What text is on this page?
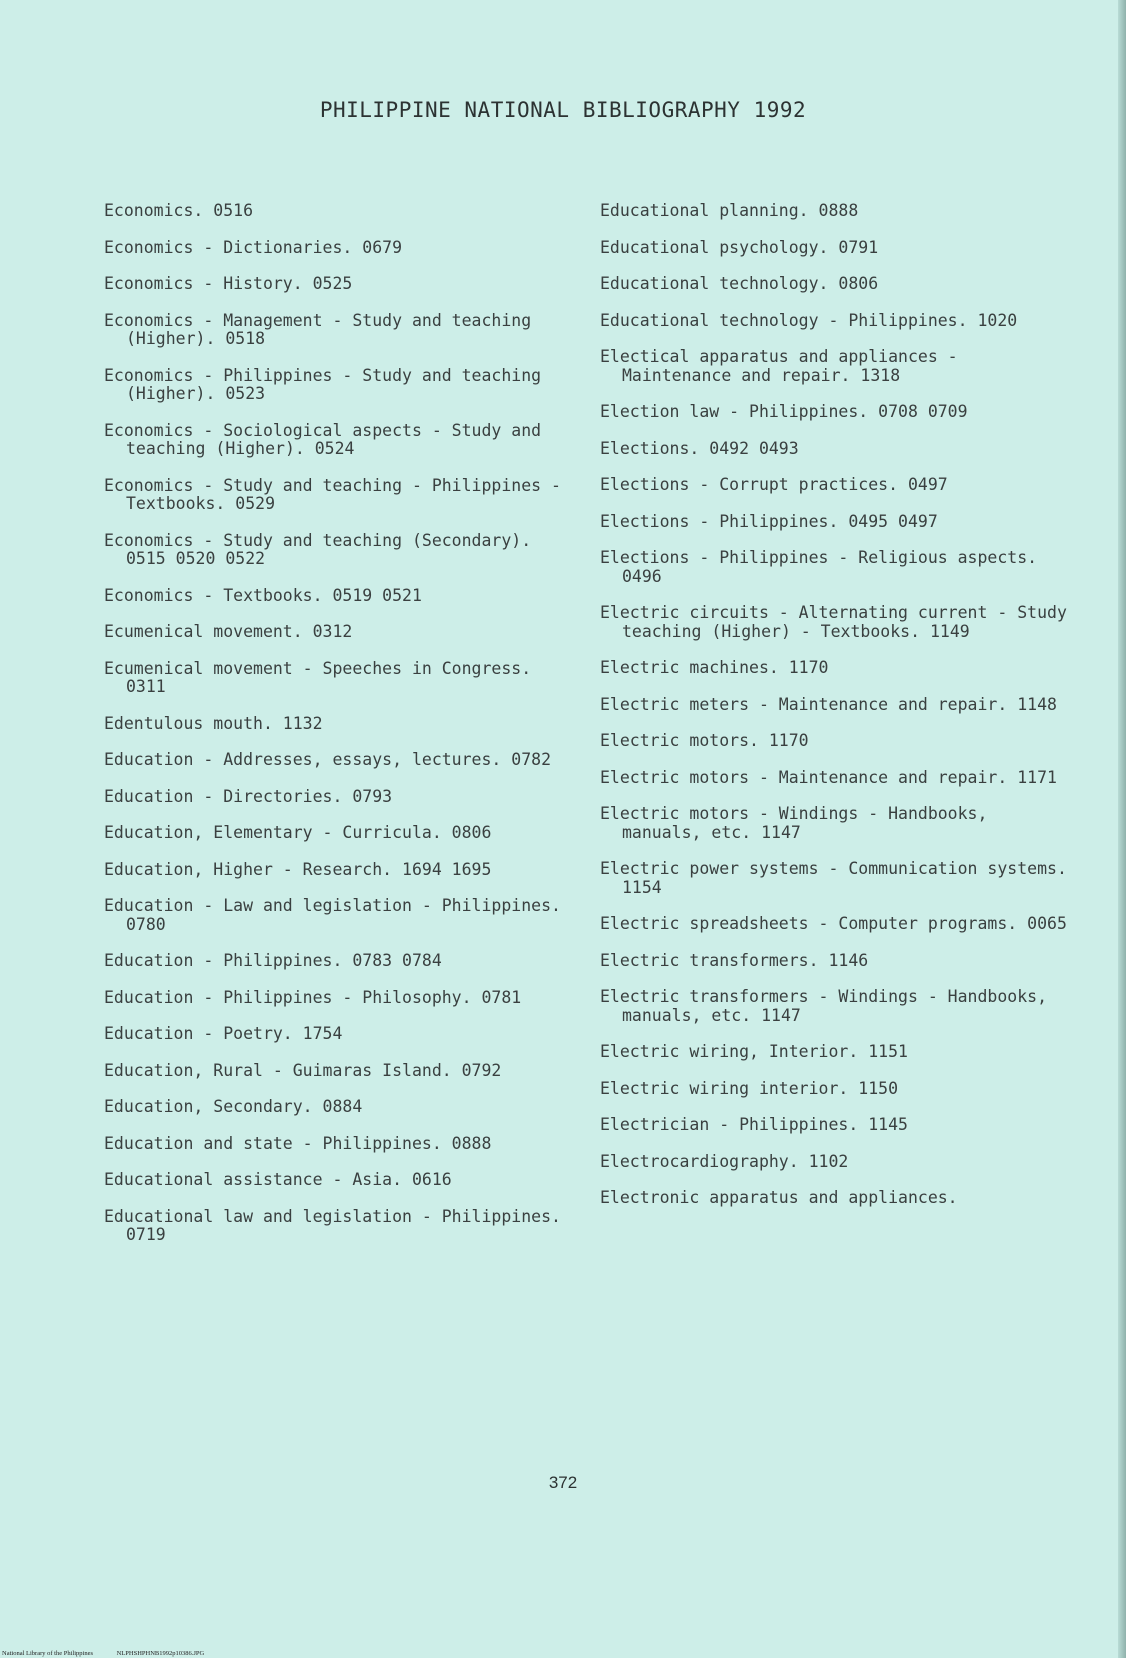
PHILIPPINE NATIONAL BIBLIOGRAPHY 1992
Economics. 0516
Economics - Dictionaries. 0679
Economics - History. 0525
Economics - Management - Study and teaching (Higher). 0518
Economics - Philippines - Study and teaching (Higher). 0523
Economics - Sociological aspects - Study and teaching (Higher). 0524
Economics - Study and teaching - Philippines - Textbooks. 0529
Economics - Study and teaching (Secondary). 0515 0520 0522
Economics - Textbooks. 0519 0521
Ecumenical movement. 0312
Ecumenical movement - Speeches in Congress. 0311
Edentulous mouth. 1132
Education - Addresses, essays, lectures. 0782
Education - Directories. 0793
Education, Elementary - Curricula. 0806
Education, Higher - Research. 1694 1695
Education - Law and legislation - Philippines. 0780
Education - Philippines. 0783 0784
Education - Philippines - Philosophy. 0781
Education - Poetry. 1754
Education, Rural - Guimaras Island. 0792
Education, Secondary. 0884
Education and state - Philippines. 0888
Educational assistance - Asia. 0616
Educational law and legislation - Philippines. 0719
Educational planning. 0888
Educational psychology. 0791
Educational technology. 0806
Educational technology - Philippines. 1020
Electical apparatus and appliances - Maintenance and repair. 1318
Election law - Philippines. 0708 0709
Elections. 0492 0493
Elections - Corrupt practices. 0497
Elections - Philippines. 0495 0497
Elections - Philippines - Religious aspects. 0496
Electric circuits - Alternating current - Study teaching (Higher) - Textbooks. 1149
Electric machines. 1170
Electric meters - Maintenance and repair. 1148
Electric motors. 1170
Electric motors - Maintenance and repair. 1171
Electric motors - Windings - Handbooks, manuals, etc. 1147
Electric power systems - Communication systems. 1154
Electric spreadsheets - Computer programs. 0065
Electric transformers. 1146
Electric transformers - Windings - Handbooks, manuals, etc. 1147
Electric wiring, Interior. 1151
Electric wiring interior. 1150
Electrician - Philippines. 1145
Electrocardiography. 1102
Electronic apparatus and appliances.
372
National Library of the Philippines	NLPHSHPHNB1992p10386.JPG
